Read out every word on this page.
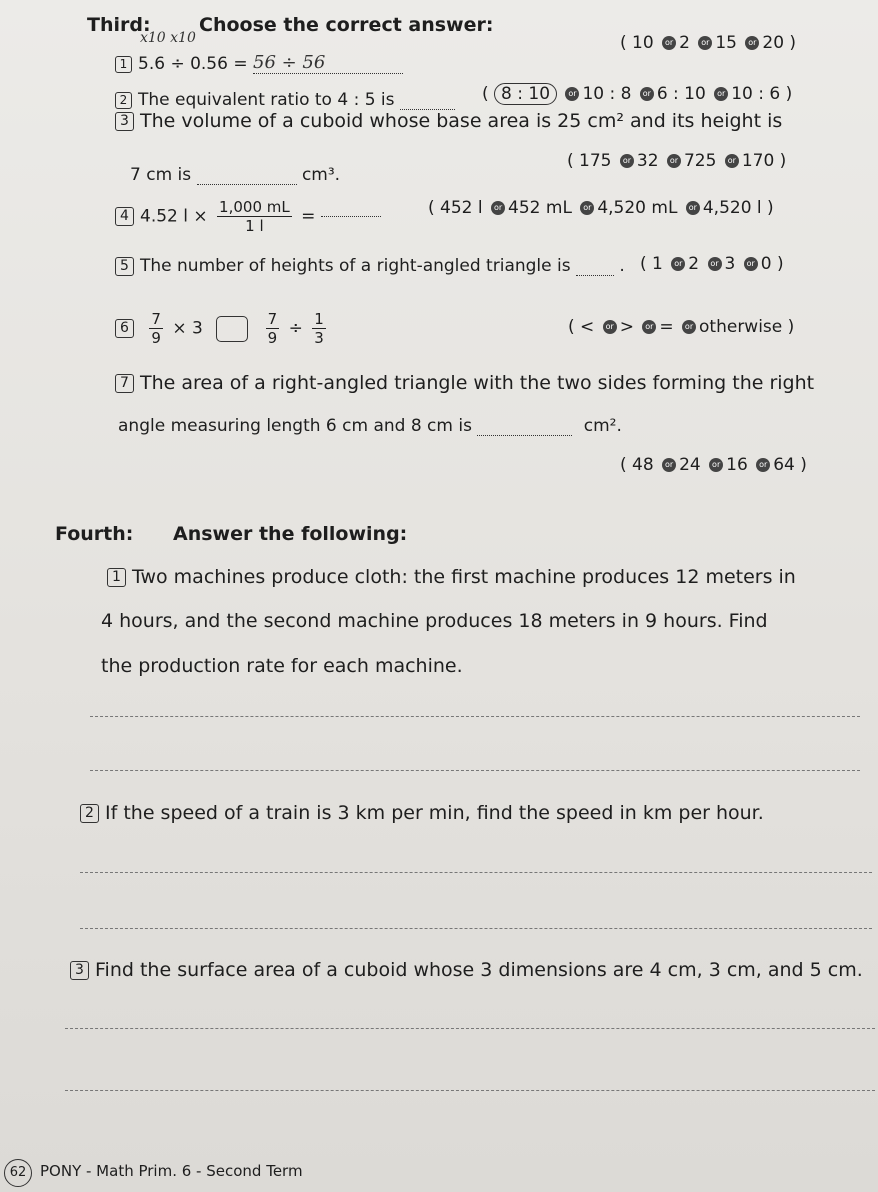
Third:	Choose the correct answer:
x10 x10
1 5.6 ÷ 0.56 = 56 ÷ 56
( 10 or 2 or 15 or 20 )
2 The equivalent ratio to 4 : 5 is	( 8 : 10 or 10 : 8 or 6 : 10 or 10 : 6 )
3 The volume of a cuboid whose base area is 25 cm² and its height is
7 cm is	cm³.
( 175 or 32 or 725 or 170 )
4 4.52 $l \times \frac{1,000 mL}{1 l}$ =	( 452 l or 452 mL or 4,520 mL or 4,520 l )
5 The number of heights of a right-angled triangle is	. ( 1 or 2 or 3 or 0 )
$6 \frac{7}{9} \times 3$	$\frac{7}{9} \div \frac{1}{3}$	( < or > or = or otherwise )
7 The area of a right-angled triangle with the two sides forming the right
angle measuring length 6 cm and 8 cm is	cm².
( 48 or 24 or 16 or 64 )
Fourth: Answer the following:
1 Two machines produce cloth: the first machine produces 12 meters in
4 hours, and the second machine produces 18 meters in 9 hours. Find
the production rate for each machine.
2 If the speed of a train is 3 km per min, find the speed in km per hour.
3 Find the surface area of a cuboid whose 3 dimensions are 4 cm, 3 cm, and 5 cm.
62 PONY - Math Prim. 6 - Second Term
